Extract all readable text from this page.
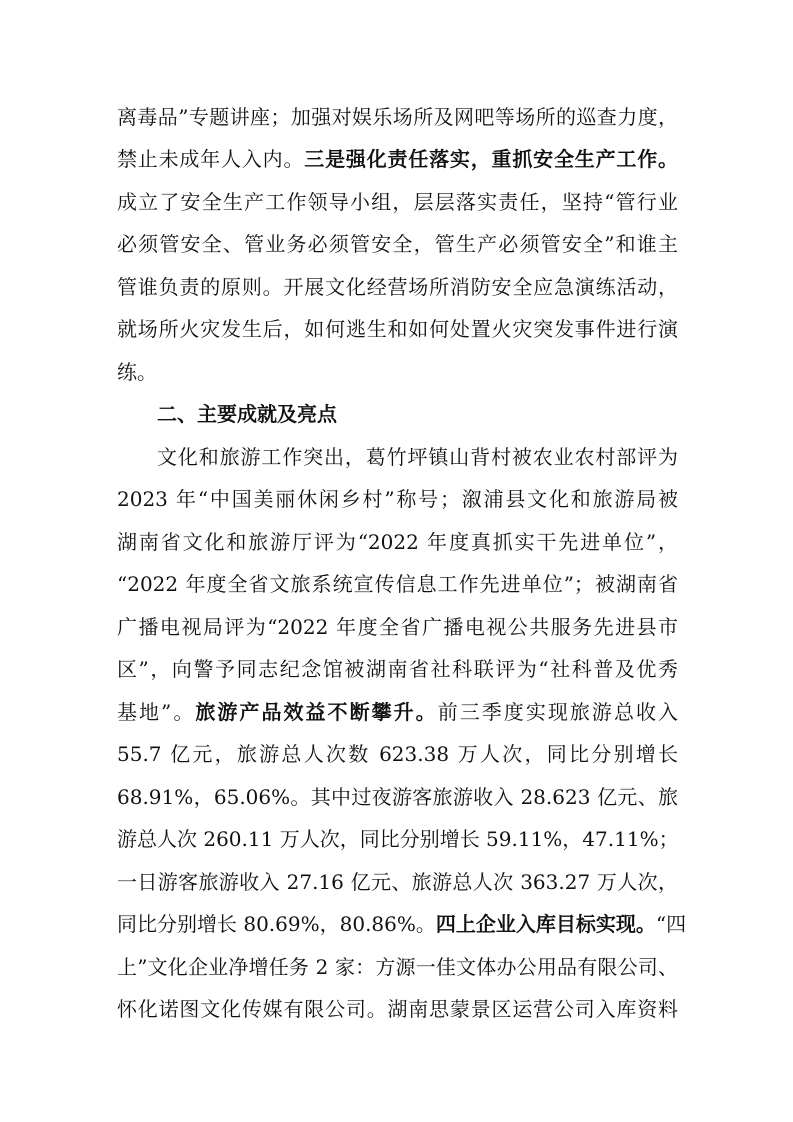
离毒品”专题讲座；加强对娱乐场所及网吧等场所的巡查力度，
禁止未成年人入内。三是强化责任落实，重抓安全生产工作。
成立了安全生产工作领导小组，层层落实责任，坚持“管行业
必须管安全、管业务必须管安全，管生产必须管安全”和谁主
管谁负责的原则。开展文化经营场所消防安全应急演练活动，
就场所火灾发生后，如何逃生和如何处置火灾突发事件进行演
练。
二、主要成就及亮点
文化和旅游工作突出，葛竹坪镇山背村被农业农村部评为
2023 年“中国美丽休闲乡村”称号；溆浦县文化和旅游局被
湖南省文化和旅游厅评为“2022 年度真抓实干先进单位”，
“2022 年度全省文旅系统宣传信息工作先进单位”；被湖南省
广播电视局评为“2022 年度全省广播电视公共服务先进县市
区”，向警予同志纪念馆被湖南省社科联评为“社科普及优秀
基地”。旅游产品效益不断攀升。前三季度实现旅游总收入
55.7 亿元，旅游总人次数 623.38 万人次，同比分别增长
68.91%，65.06%。其中过夜游客旅游收入 28.623 亿元、旅
游总人次 260.11 万人次，同比分别增长 59.11%，47.11%；
一日游客旅游收入 27.16 亿元、旅游总人次 363.27 万人次，
同比分别增长 80.69%，80.86%。四上企业入库目标实现。“四
上”文化企业净增任务 2 家：方源一佳文体办公用品有限公司、
怀化诺图文化传媒有限公司。湖南思蒙景区运营公司入库资料
